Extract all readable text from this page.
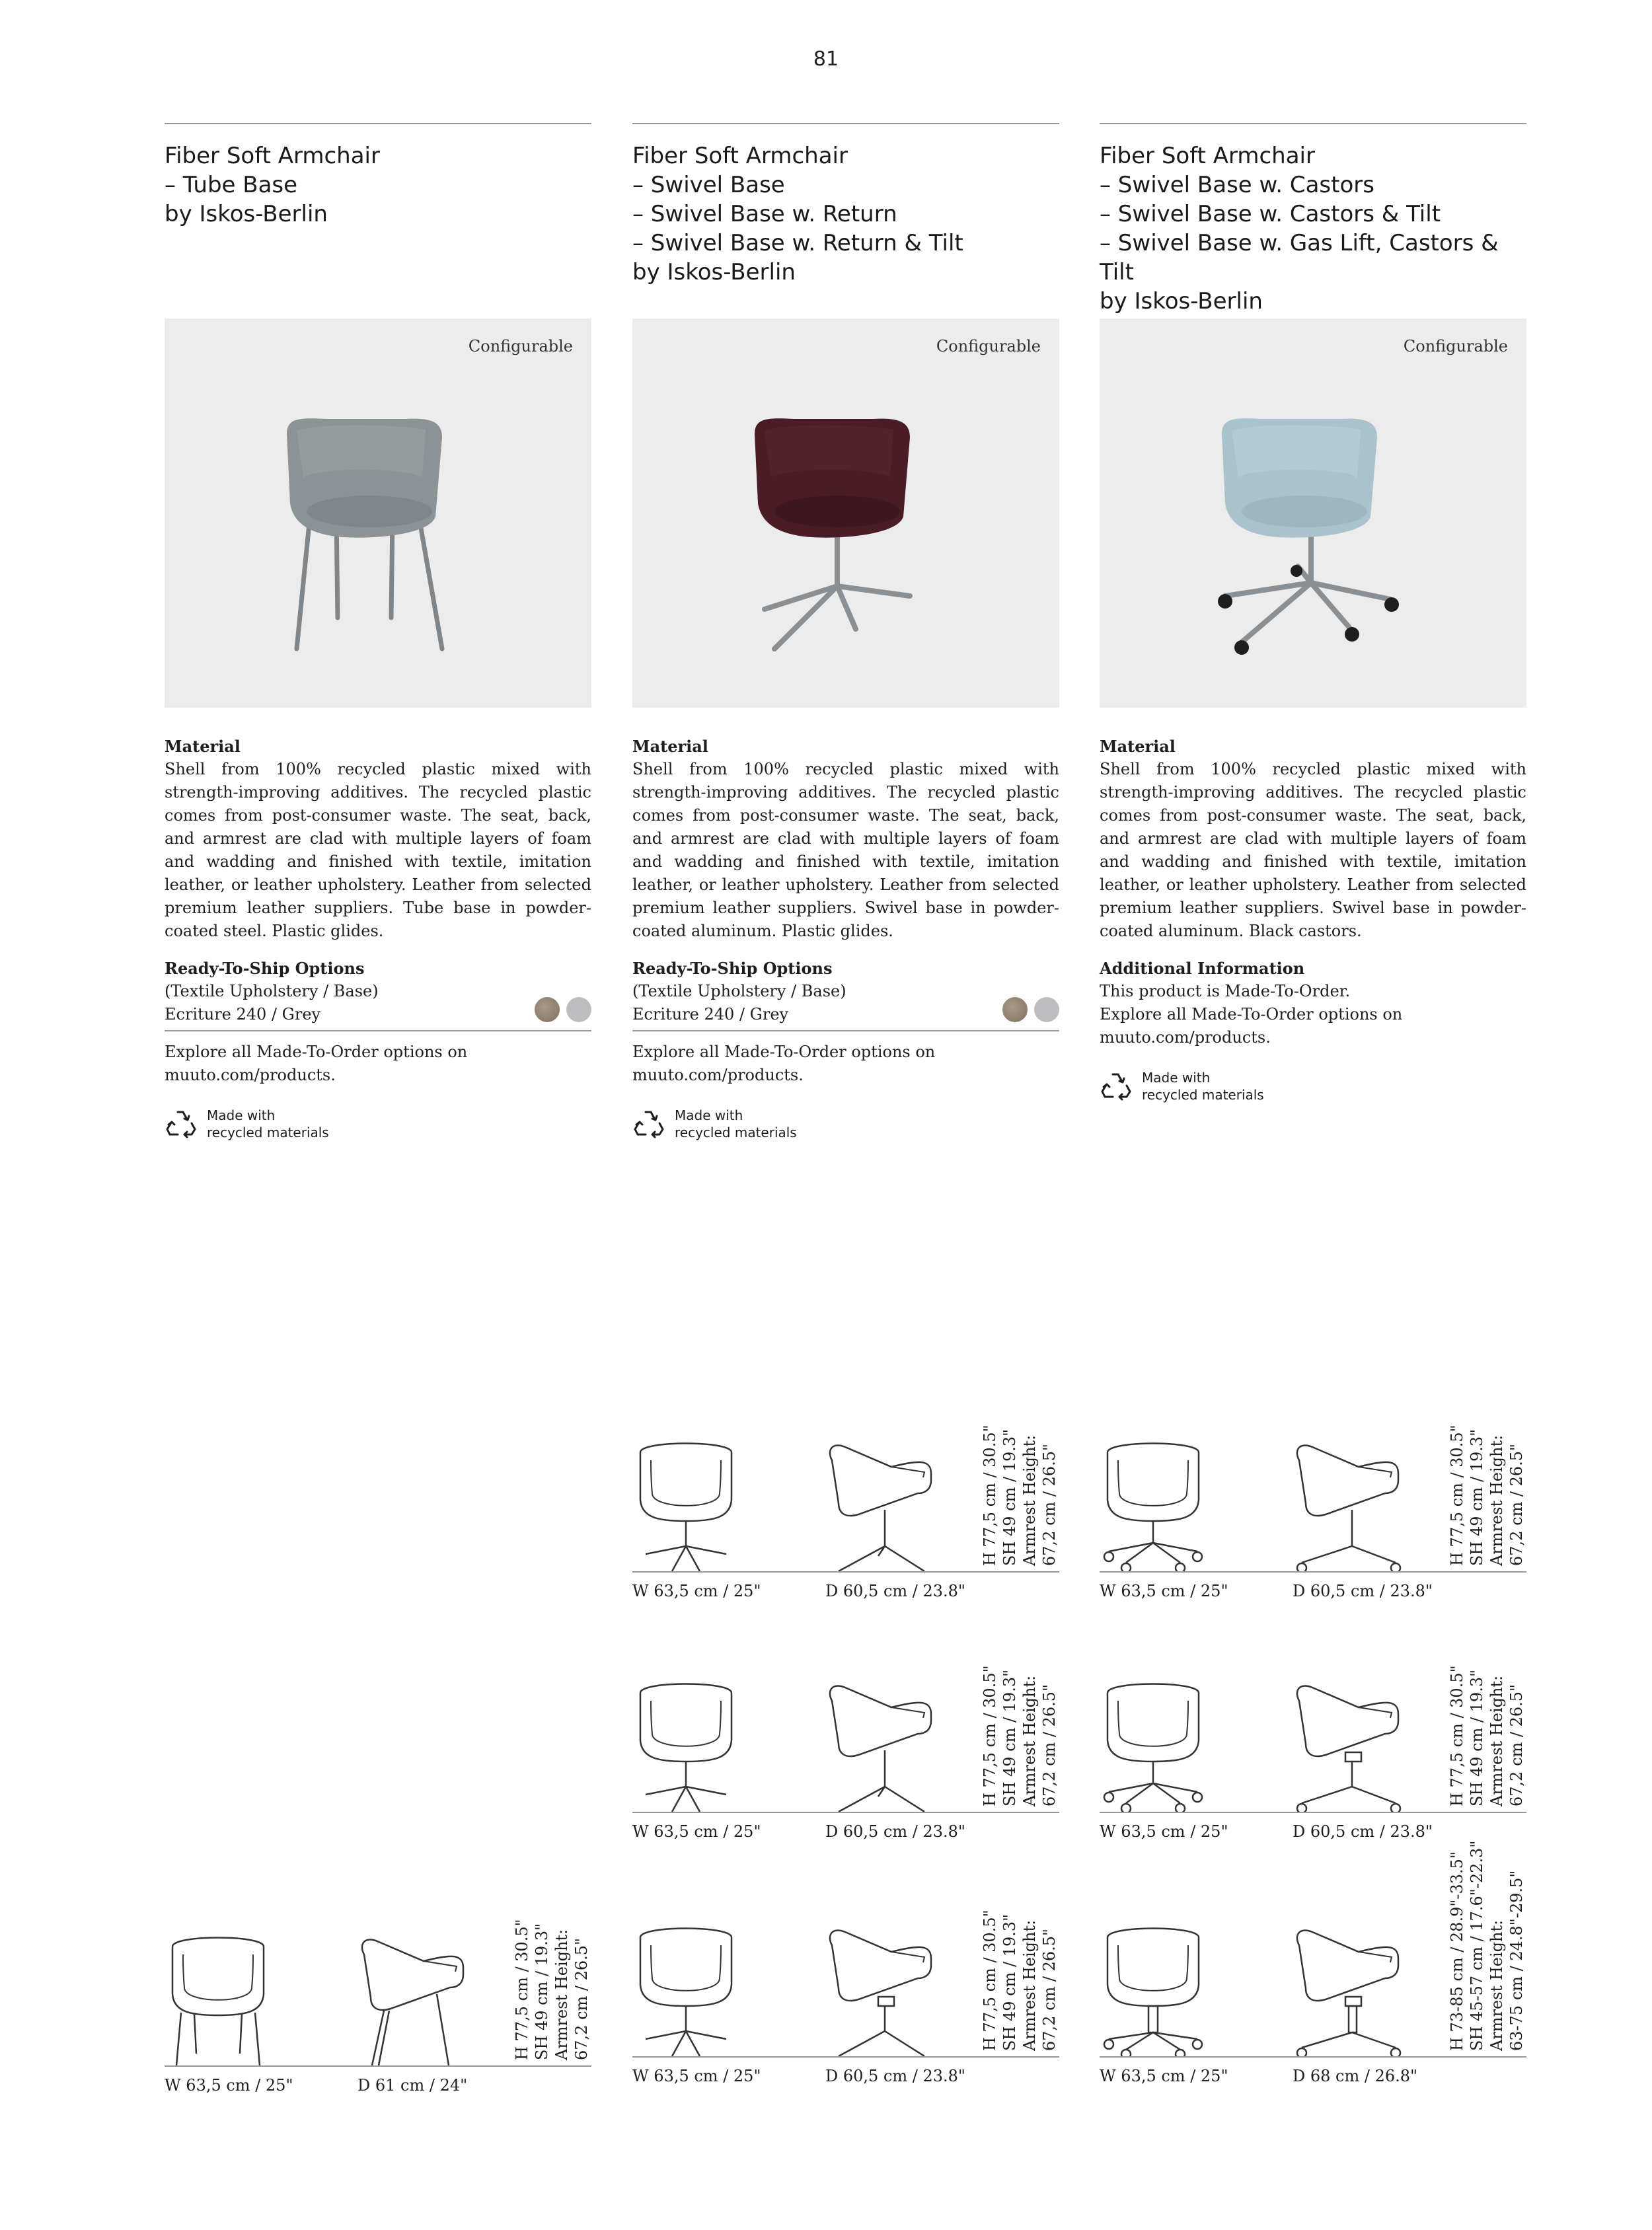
81
Fiber Soft Armchair
– Tube Base
by Iskos-Berlin
Configurable
Material

Shell from 100% recycled plastic mixed with strength-improving additives. The recycled plastic comes from post-consumer waste. The seat, back, and armrest are clad with multiple layers of foam and wadding and finished with textile, imitation leather, or leather upholstery. Leather from selected premium leather suppliers. Tube base in powder-coated steel. Plastic glides.

Ready-To-Ship Options
(Textile Upholstery / Base)
Ecriture 240 / Grey

Explore all Made-To-Order options on muuto.com/products.

Made with
recycled materials
Fiber Soft Armchair
– Swivel Base
– Swivel Base w. Return
– Swivel Base w. Return & Tilt
by Iskos-Berlin
Configurable
Material

Shell from 100% recycled plastic mixed with strength-improving additives. The recycled plastic comes from post-consumer waste. The seat, back, and armrest are clad with multiple layers of foam and wadding and finished with textile, imitation leather, or leather upholstery. Leather from selected premium leather suppliers. Swivel base in powder-coated aluminum. Plastic glides.

Ready-To-Ship Options
(Textile Upholstery / Base)
Ecriture 240 / Grey

Explore all Made-To-Order options on muuto.com/products.

Made with
recycled materials
Fiber Soft Armchair
– Swivel Base w. Castors
– Swivel Base w. Castors & Tilt
– Swivel Base w. Gas Lift, Castors & Tilt
by Iskos-Berlin
Configurable
Material

Shell from 100% recycled plastic mixed with strength-improving additives. The recycled plastic comes from post-consumer waste. The seat, back, and armrest are clad with multiple layers of foam and wadding and finished with textile, imitation leather, or leather upholstery. Leather from selected premium leather suppliers. Swivel base in powder-coated aluminum. Black castors.

Additional Information
This product is Made-To-Order.

Explore all Made-To-Order options on muuto.com/products.

Made with
recycled materials
H 77,5 cm / 30.5" SH 49 cm / 19.3" Armrest Height: 67,2 cm / 26.5"
W 63,5 cm / 25"	D 61 cm / 24"
H 77,5 cm / 30.5" SH 49 cm / 19.3" Armrest Height: 67,2 cm / 26.5"
W 63,5 cm / 25"	D 60,5 cm / 23.8"
H 77,5 cm / 30.5" SH 49 cm / 19.3" Armrest Height: 67,2 cm / 26.5"
W 63,5 cm / 25"	D 60,5 cm / 23.8"
H 77,5 cm / 30.5" SH 49 cm / 19.3" Armrest Height: 67,2 cm / 26.5"
W 63,5 cm / 25"	D 60,5 cm / 23.8"
H 77,5 cm / 30.5" SH 49 cm / 19.3" Armrest Height: 67,2 cm / 26.5"
W 63,5 cm / 25"	D 60,5 cm / 23.8"
H 77,5 cm / 30.5" SH 49 cm / 19.3" Armrest Height: 67,2 cm / 26.5"
W 63,5 cm / 25"	D 60,5 cm / 23.8"
H 73-85 cm / 28.9"-33.5" SH 45-57 cm / 17.6"-22.3" Armrest Height: 63-75 cm / 24.8"-29.5"
W 63,5 cm / 25"	D 68 cm / 26.8"
